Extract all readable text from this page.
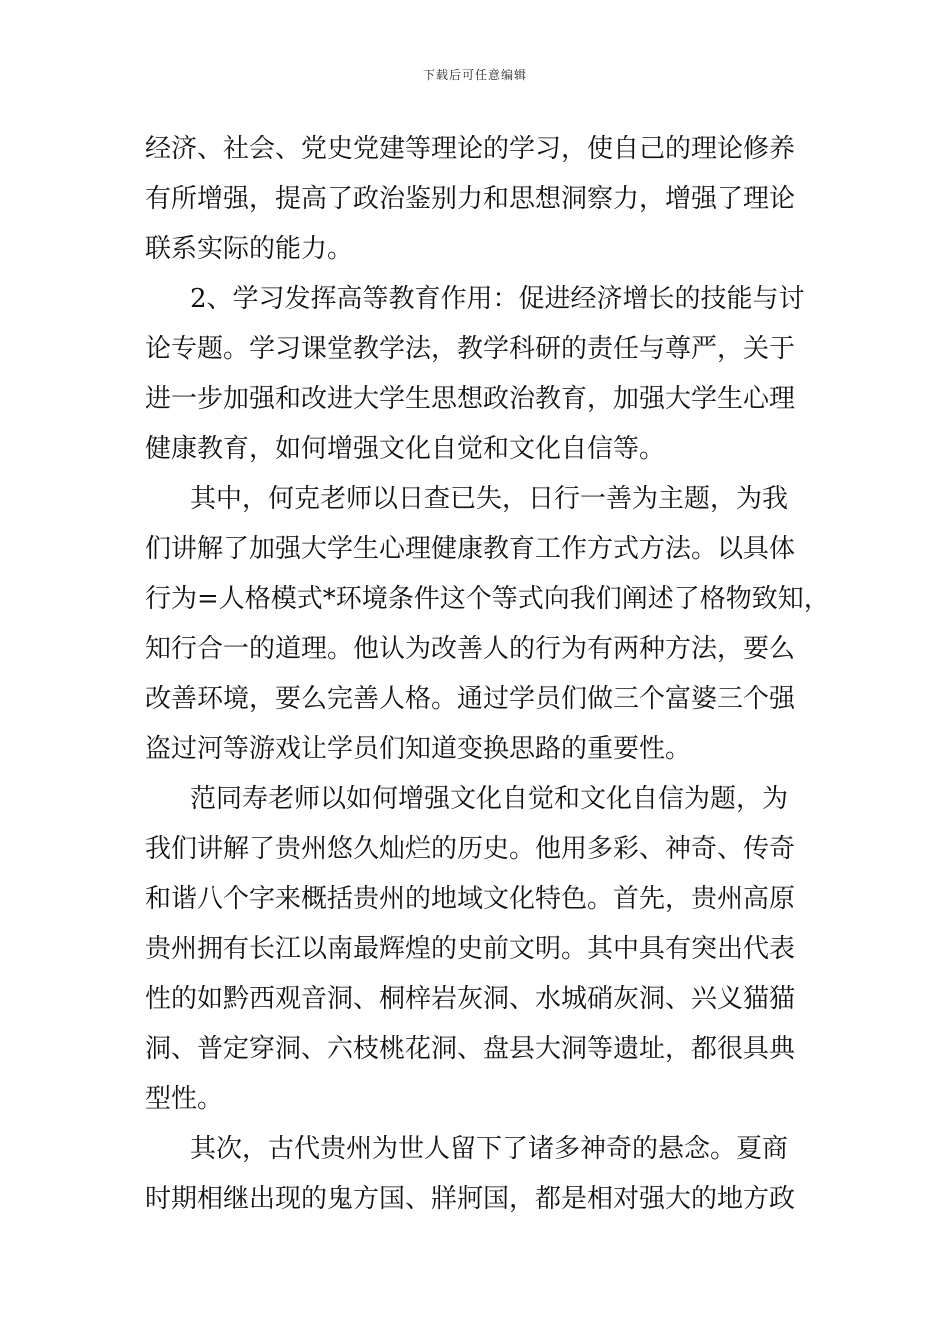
下载后可任意编辑
经济、社会、党史党建等理论的学习，使自己的理论修养
有所增强，提高了政治鉴别力和思想洞察力，增强了理论
联系实际的能力。
2、学习发挥高等教育作用：促进经济增长的技能与讨
论专题。学习课堂教学法，教学科研的责任与尊严，关于
进一步加强和改进大学生思想政治教育，加强大学生心理
健康教育，如何增强文化自觉和文化自信等。
其中，何克老师以日查已失，日行一善为主题，为我
们讲解了加强大学生心理健康教育工作方式方法。以具体
行为=人格模式*环境条件这个等式向我们阐述了格物致知，
知行合一的道理。他认为改善人的行为有两种方法，要么
改善环境，要么完善人格。通过学员们做三个富婆三个强
盗过河等游戏让学员们知道变换思路的重要性。
范同寿老师以如何增强文化自觉和文化自信为题，为
我们讲解了贵州悠久灿烂的历史。他用多彩、神奇、传奇
和谐八个字来概括贵州的地域文化特色。首先，贵州高原
贵州拥有长江以南最辉煌的史前文明。其中具有突出代表
性的如黔西观音洞、桐梓岩灰洞、水城硝灰洞、兴义猫猫
洞、普定穿洞、六枝桃花洞、盘县大洞等遗址，都很具典
型性。
其次，古代贵州为世人留下了诸多神奇的悬念。夏商
时期相继出现的鬼方国、牂牁国，都是相对强大的地方政
